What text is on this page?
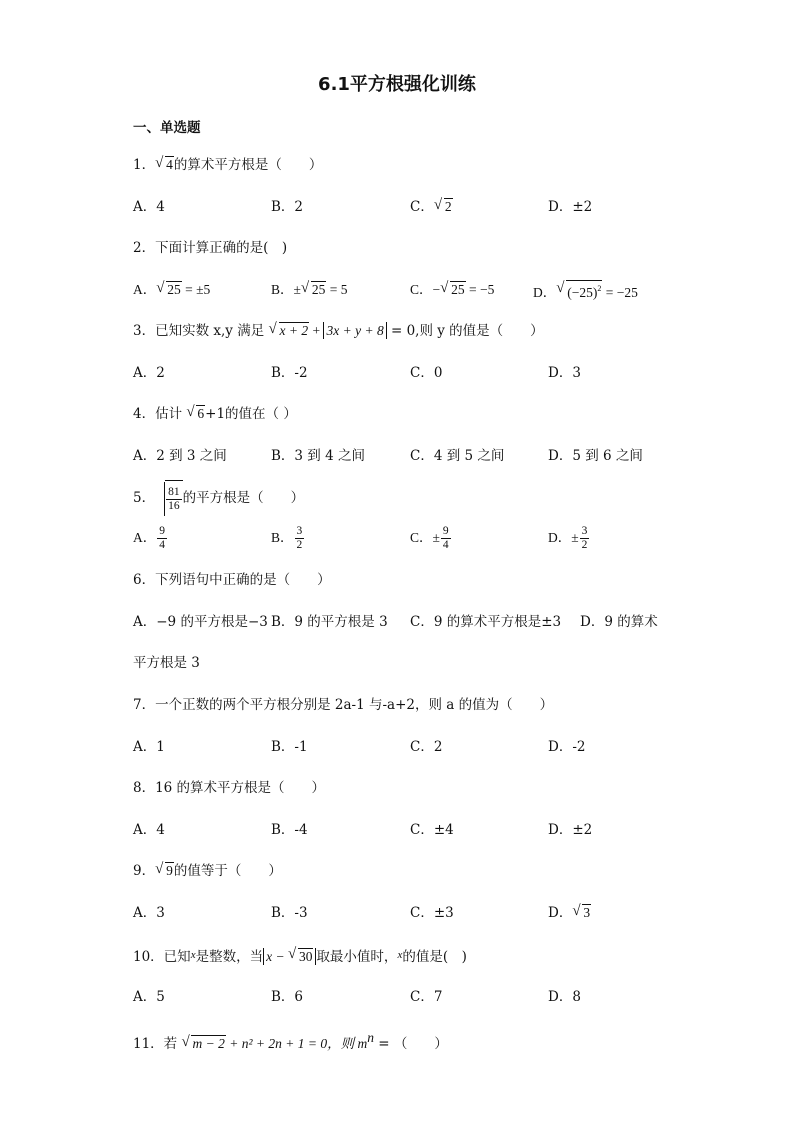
6.1平方根强化训练
一、单选题
1． √ 4的算术平方根是（　　）
A．4	B．2	C． √ 2	D．±2
2．下面计算正确的是(　)
A． √ 25 = ±5	B．± √ 25 = 5	C．− √ 25 = −5	D． √ $(-25)^2 = -25$
3．已知实数 x,y 满足 √ x + 2 + 3x + y + 8 = 0,则 y 的值是（　　）
A．2	B．-2	C．0	D．3
4．估计 √ 6+1的值在（ ）
A．2 到 3 之间	B．3 到 4 之间	C．4 到 5 之间	D．5 到 6 之间
5． $\frac{81}{16}$ 的平方根是（　　）
A． $\frac{9}{4}$	B． $\frac{3}{2}$	C．± $\frac{9}{4}$	D．± $\frac{3}{2}$
6．下列语句中正确的是（　　）
A．−9 的平方根是−3 B．9 的平方根是 3 C．9 的算术平方根是±3 D．9 的算术
平方根是 3
7．一个正数的两个平方根分别是 2a-1 与-a+2，则 a 的值为（　　）
A．1	B．-1	C．2	D．-2
8．16 的算术平方根是（　　）
A．4	B．-4	C．±4	D．±2
9． √ 9的值等于（　　）
A．3	B．-3	C．±3	D． √ 3
10．已知$^x$是整数，当 x − √ 30 取最小值时，$^x$的值是(　)
A．5	B．6	C．7	D．8
11．若 √ m − 2 + n² + 2n + 1 = 0，则 $m^n$ = （　　）
